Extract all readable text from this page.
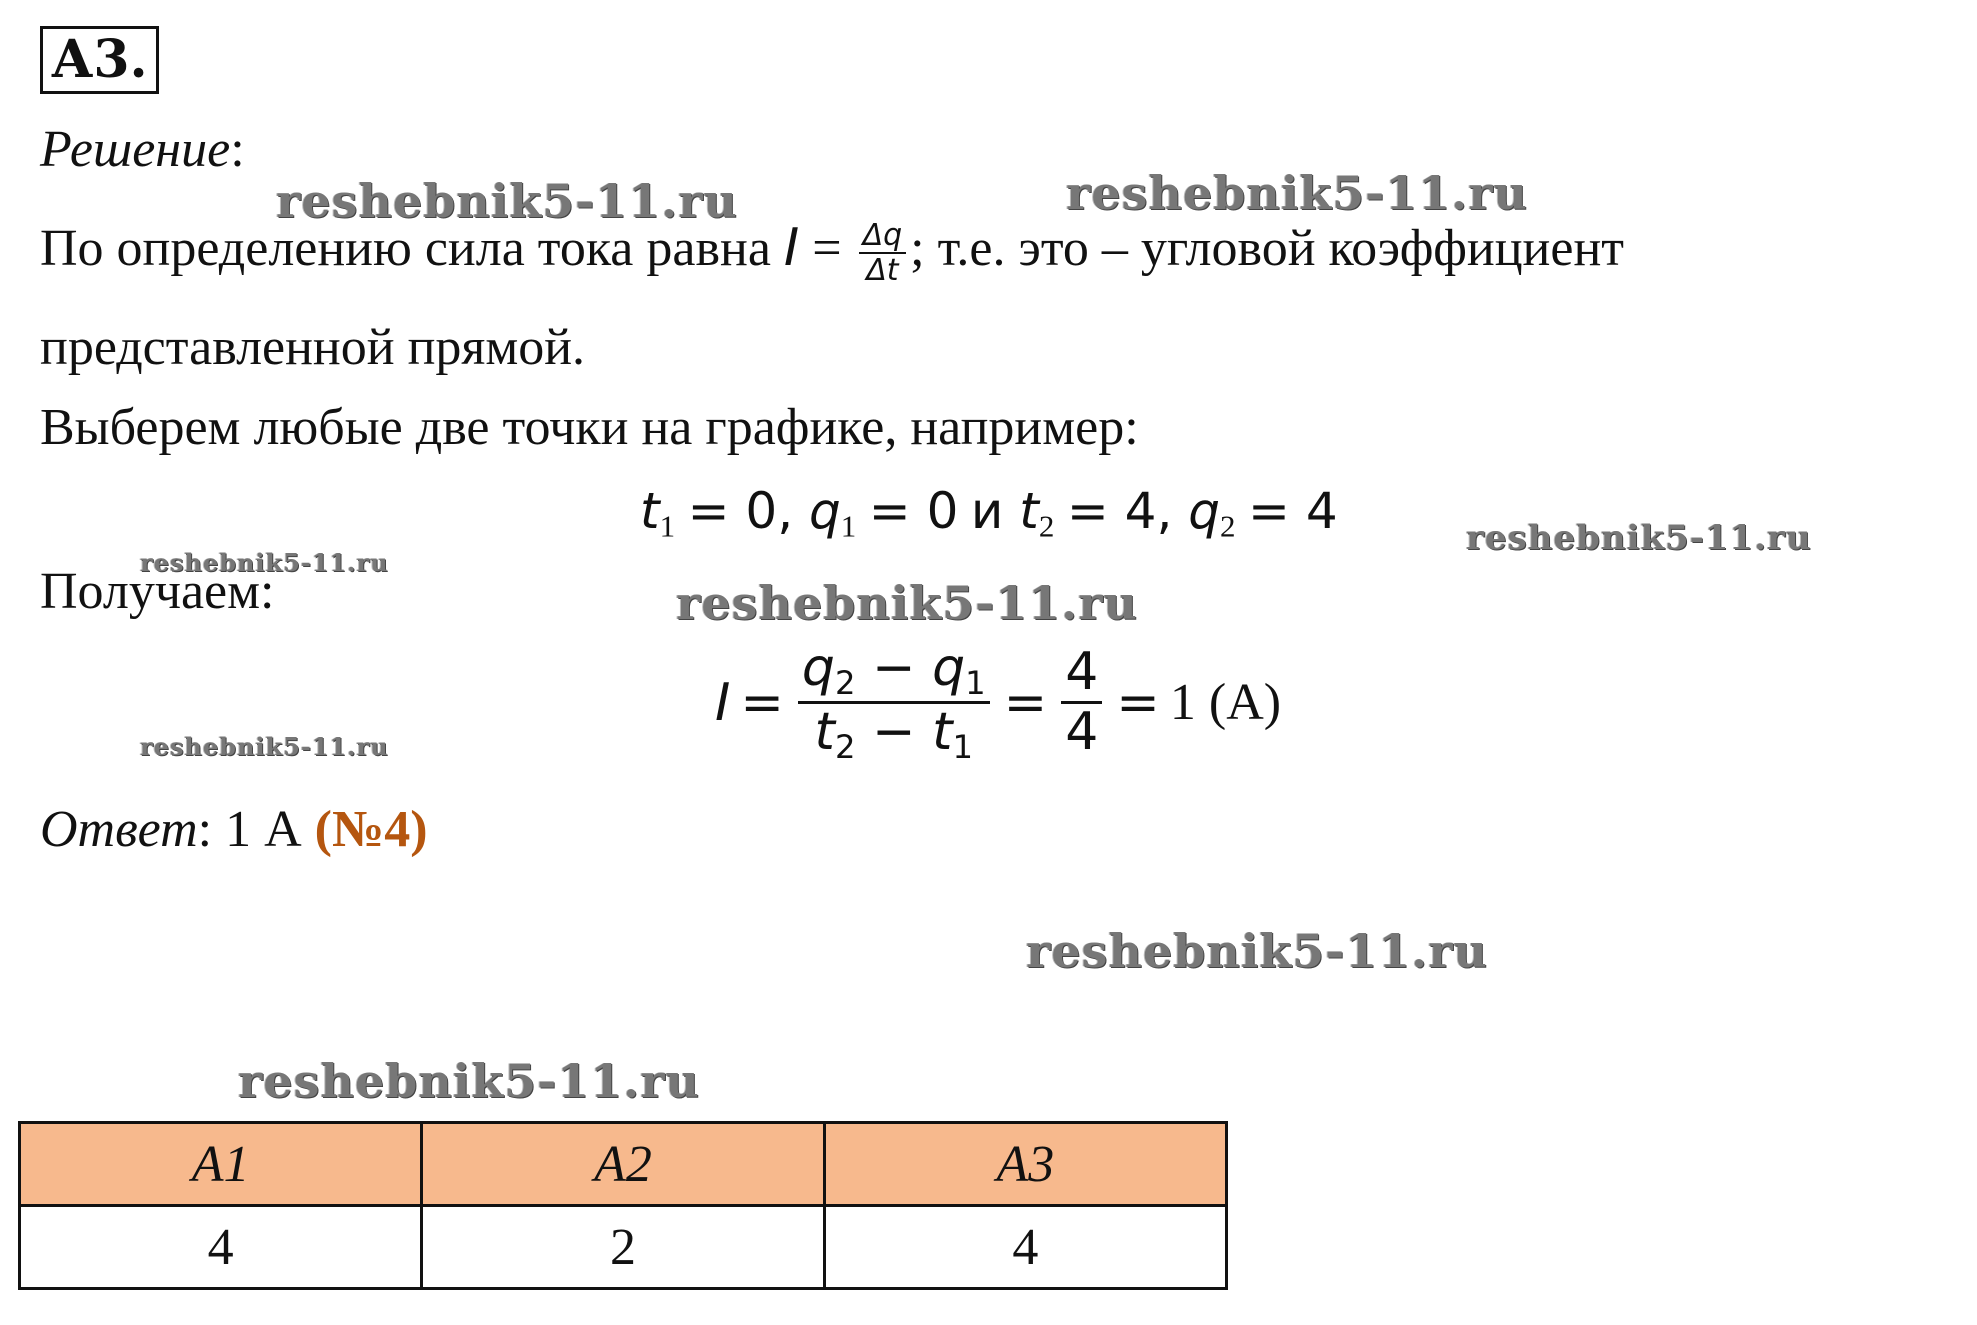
А3.
Решение:
По определению сила тока равна $I = \frac{\Delta q}{\Delta t}$ ; т.е. это – угловой коэффициент
представленной прямой.
Выберем любые две точки на графике, например:
$t_1 = 0$, $q_1 = 0$ и $t_2 = 4$, $q_2 = 4$
Получаем:
$I = \frac{q_2 - q_1}{t_2 - t_1} = \frac{4}{4} = 1$ (A)
Ответ: 1 А (№4)
А1	А2	А3
4	2	4
reshebnik5-11.ru	reshebnik5-11.ru
reshebnik5-11.ru
reshebnik5-11.ru
reshebnik5-11.ru
reshebnik5-11.ru
reshebnik5-11.ru
reshebnik5-11.ru
